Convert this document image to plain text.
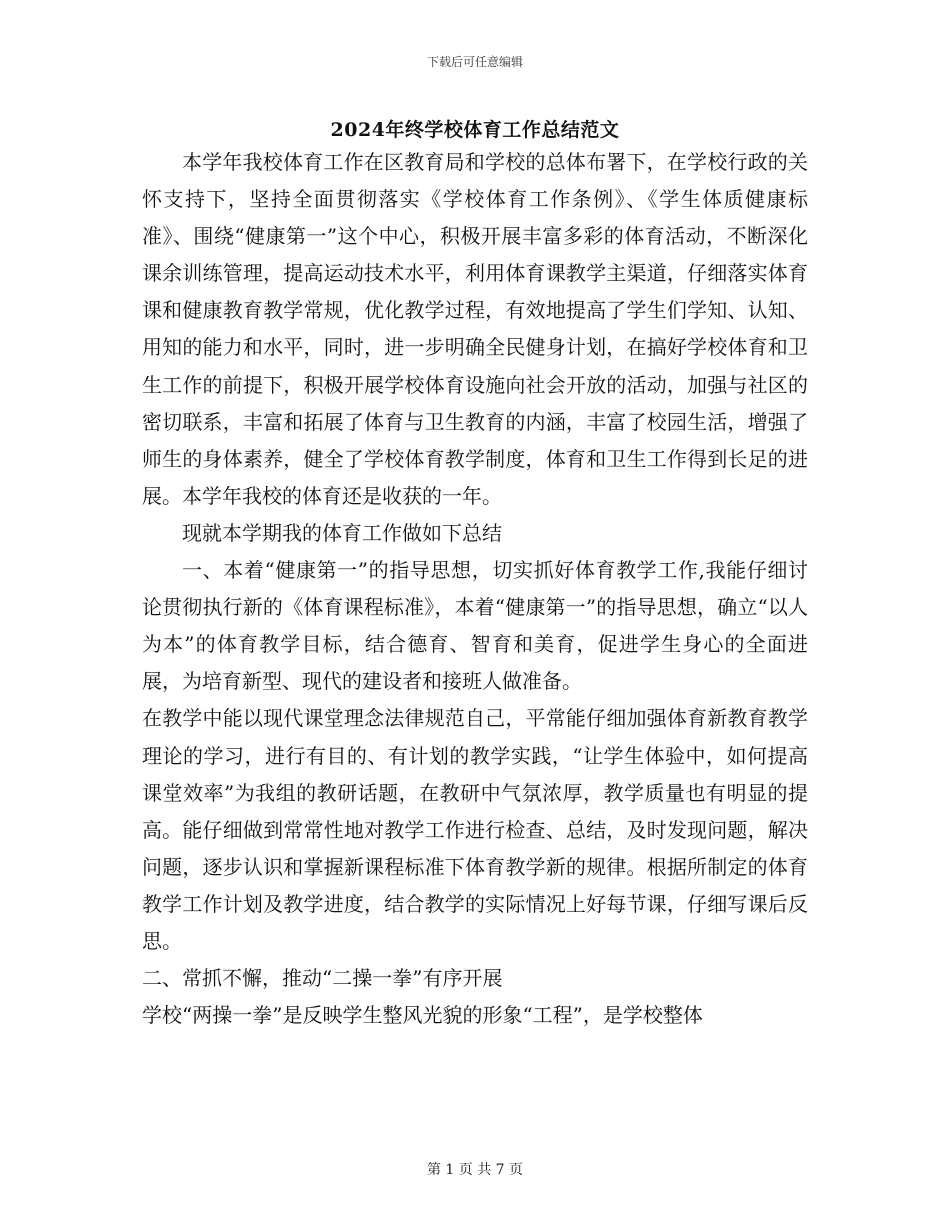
下载后可任意编辑
2024年终学校体育工作总结范文

本学年我校体育工作在区教育局和学校的总体布署下，在学校行政的关怀支持下，坚持全面贯彻落实《学校体育工作条例》、《学生体质健康标准》、围绕“健康第一”这个中心，积极开展丰富多彩的体育活动，不断深化课余训练管理，提高运动技术水平，利用体育课教学主渠道，仔细落实体育课和健康教育教学常规，优化教学过程，有效地提高了学生们学知、认知、用知的能力和水平，同时，进一步明确全民健身计划，在搞好学校体育和卫生工作的前提下，积极开展学校体育设施向社会开放的活动，加强与社区的密切联系，丰富和拓展了体育与卫生教育的内涵，丰富了校园生活，增强了师生的身体素养，健全了学校体育教学制度，体育和卫生工作得到长足的进展。本学年我校的体育还是收获的一年。

现就本学期我的体育工作做如下总结

一、本着“健康第一”的指导思想，切实抓好体育教学工作,我能仔细讨论贯彻执行新的《体育课程标准》，本着“健康第一”的指导思想，确立“以人为本”的体育教学目标，结合德育、智育和美育，促进学生身心的全面进展，为培育新型、现代的建设者和接班人做准备。

在教学中能以现代课堂理念法律规范自己，平常能仔细加强体育新教育教学理论的学习，进行有目的、有计划的教学实践，“让学生体验中，如何提高课堂效率”为我组的教研话题，在教研中气氛浓厚，教学质量也有明显的提高。能仔细做到常常性地对教学工作进行检查、总结，及时发现问题，解决问题，逐步认识和掌握新课程标准下体育教学新的规律。根据所制定的体育教学工作计划及教学进度，结合教学的实际情况上好每节课，仔细写课后反思。

二、常抓不懈，推动“二操一拳”有序开展

学校“两操一拳”是反映学生整风光貌的形象“工程”，是学校整体

第 1 页 共 7 页
